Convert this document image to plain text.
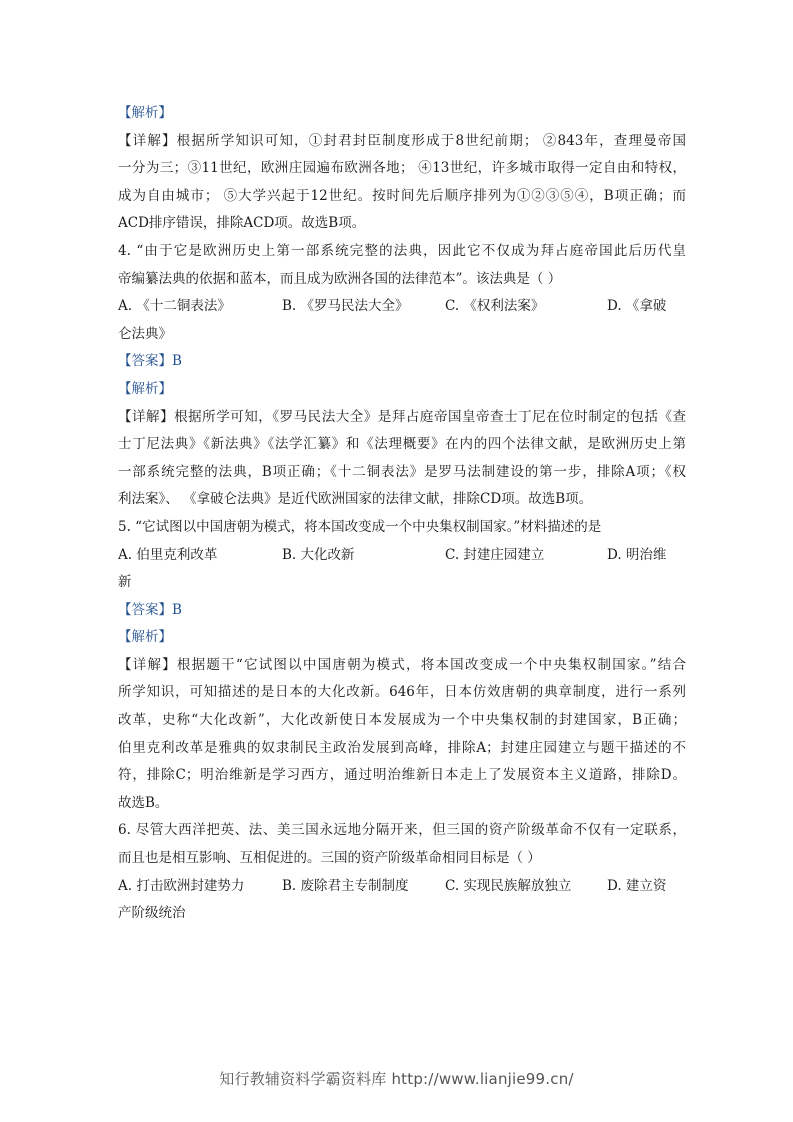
【解析】
【详解】根据所学知识可知，①封君封臣制度形成于8世纪前期； ②843年，查理曼帝国
一分为三；③11世纪，欧洲庄园遍布欧洲各地； ④13世纪，许多城市取得一定自由和特权，
成为自由城市； ⑤大学兴起于12世纪。按时间先后顺序排列为①②③⑤④，B项正确；而
ACD排序错误，排除ACD项。故选B项。
4. “由于它是欧洲历史上第一部系统完整的法典，因此它不仅成为拜占庭帝国此后历代皇
帝编纂法典的依据和蓝本，而且成为欧洲各国的法律范本”。该法典是（ ）
A. 《十二铜表法》	B. 《罗马民法大全》	C. 《权利法案》	D. 《拿破
仑法典》
【答案】B
【解析】
【详解】根据所学可知，《罗马民法大全》是拜占庭帝国皇帝查士丁尼在位时制定的包括《查
士丁尼法典》《新法典》《法学汇纂》和《法理概要》在内的四个法律文献，是欧洲历史上第
一部系统完整的法典，B项正确；《十二铜表法》是罗马法制建设的第一步，排除A项；《权
利法案》、 《拿破仑法典》是近代欧洲国家的法律文献，排除CD项。故选B项。
5. “它试图以中国唐朝为模式，将本国改变成一个中央集权制国家。”材料描述的是
A. 伯里克利改革	B. 大化改新	C. 封建庄园建立	D. 明治维
新
【答案】B
【解析】
【详解】根据题干“它试图以中国唐朝为模式，将本国改变成一个中央集权制国家。”结合
所学知识，可知描述的是日本的大化改新。646年，日本仿效唐朝的典章制度，进行一系列
改革，史称“大化改新”，大化改新使日本发展成为一个中央集权制的封建国家，B正确；
伯里克利改革是雅典的奴隶制民主政治发展到高峰，排除A；封建庄园建立与题干描述的不
符，排除C；明治维新是学习西方，通过明治维新日本走上了发展资本主义道路，排除D。
故选B。
6. 尽管大西洋把英、法、美三国永远地分隔开来，但三国的资产阶级革命不仅有一定联系，
而且也是相互影响、互相促进的。三国的资产阶级革命相同目标是（ ）
A. 打击欧洲封建势力	B. 废除君主专制制度	C. 实现民族解放独立	D. 建立资
产阶级统治
知行教辅资料学霸资料库 http://www.lianjie99.cn/
